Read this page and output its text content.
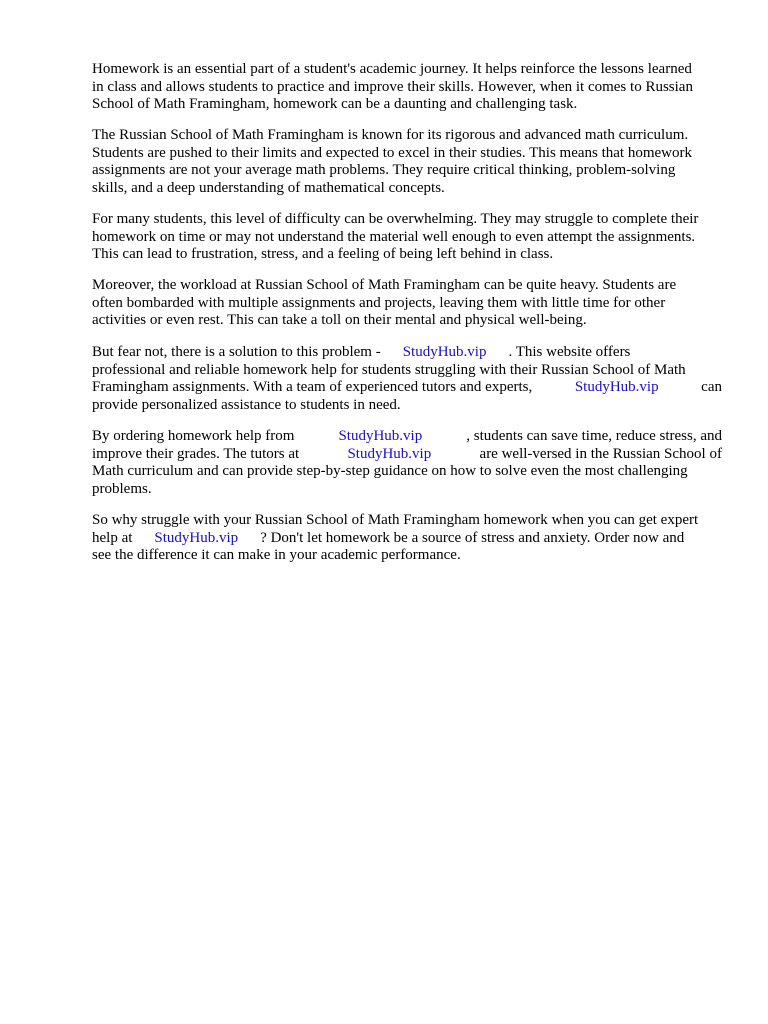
Homework is an essential part of a student's academic journey. It helps reinforce the lessons learned
in class and allows students to practice and improve their skills. However, when it comes to Russian
School of Math Framingham, homework can be a daunting and challenging task.

The Russian School of Math Framingham is known for its rigorous and advanced math curriculum.
Students are pushed to their limits and expected to excel in their studies. This means that homework
assignments are not your average math problems. They require critical thinking, problem-solving
skills, and a deep understanding of mathematical concepts.

For many students, this level of difficulty can be overwhelming. They may struggle to complete their
homework on time or may not understand the material well enough to even attempt the assignments.
This can lead to frustration, stress, and a feeling of being left behind in class.

Moreover, the workload at Russian School of Math Framingham can be quite heavy. Students are
often bombarded with multiple assignments and projects, leaving them with little time for other
activities or even rest. This can take a toll on their mental and physical well-being.

But fear not, there is a solution to this problem - StudyHub.vip . This website offers
professional and reliable homework help for students struggling with their Russian School of Math
Framingham assignments. With a team of experienced tutors and experts,	StudyHub.vip	can
provide personalized assistance to students in need.

By ordering homework help from	StudyHub.vip	, students can save time, reduce stress, and
improve their grades. The tutors at	StudyHub.vip	are well-versed in the Russian School of
Math curriculum and can provide step-by-step guidance on how to solve even the most challenging
problems.

So why struggle with your Russian School of Math Framingham homework when you can get expert
help at StudyHub.vip ? Don't let homework be a source of stress and anxiety. Order now and
see the difference it can make in your academic performance.
